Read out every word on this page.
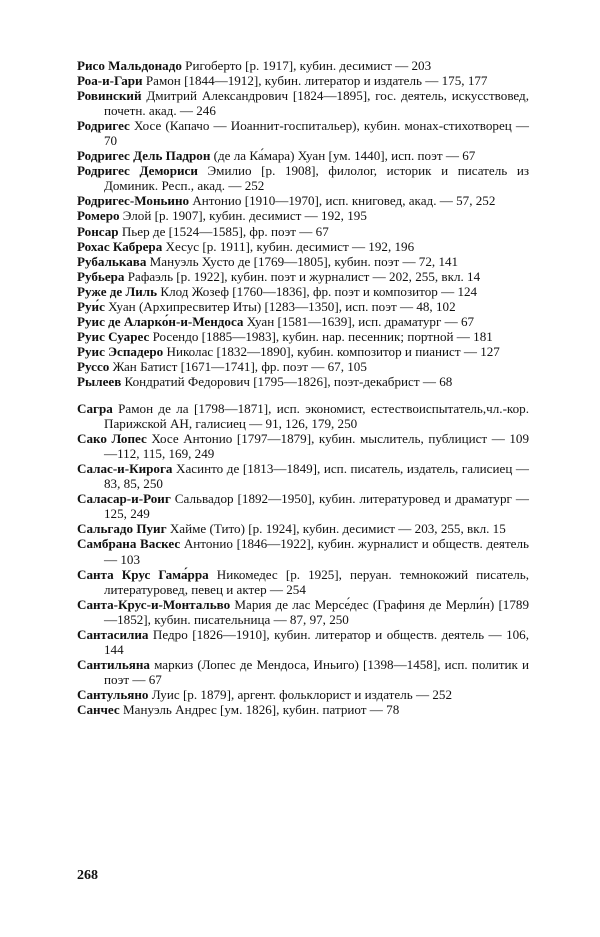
Рисо Мальдонадо Ригоберто [р. 1917], кубин. десимист — 203

Роа-и-Гари Рамон [1844—1912], кубин. литератор и издатель — 175, 177

Ровинский Дмитрий Александрович [1824—1895], гос. деятель, искусствовед, почетн. акад. — 246

Родригес Хосе (Капачо — Иоаннит-госпитальер), кубин. монах-стихотворец — 70

Родригес Дель Падрон (де ла Ка́мара) Хуан [ум. 1440], исп. поэт — 67

Родригес Демориси Эмилио [р. 1908], филолог, историк и писатель из Доминик. Респ., акад. — 252

Родригес-Моньино Антонио [1910—1970], исп. книговед, акад. — 57, 252

Ромеро Элой [р. 1907], кубин. десимист — 192, 195

Ронсар Пьер де [1524—1585], фр. поэт — 67

Рохас Кабрера Хесус [р. 1911], кубин. десимист — 192, 196

Рубалькава Мануэль Хусто де [1769—1805], кубин. поэт — 72, 141

Рубьера Рафаэль [р. 1922], кубин. поэт и журналист — 202, 255, вкл. 14

Руже де Лиль Клод Жозеф [1760—1836], фр. поэт и композитор — 124

Руи́с Хуан (Архипресвитер Иты) [1283—1350], исп. поэт — 48, 102

Руис де Аларко́н-и-Мендоса Хуан [1581—1639], исп. драматург — 67

Руис Суарес Росендо [1885—1983], кубин. нар. песенник; портной — 181

Руис Эспадеро Николас [1832—1890], кубин. композитор и пианист — 127

Руссо Жан Батист [1671—1741], фр. поэт — 67, 105

Рылеев Кондратий Федорович [1795—1826], поэт-декабрист — 68

Сагра Рамон де ла [1798—1871], исп. экономист, естествоиспытатель,чл.-кор. Парижской АН, галисиец — 91, 126, 179, 250

Сако Лопес Хосе Антонио [1797—1879], кубин. мыслитель, публицист — 109—112, 115, 169, 249

Салас-и-Кирога Хасинто де [1813—1849], исп. писатель, издатель, галисиец — 83, 85, 250

Саласар-и-Роиг Сальвадор [1892—1950], кубин. литературовед и драматург — 125, 249

Сальгадо Пуиг Хайме (Тито) [р. 1924], кубин. десимист — 203, 255, вкл. 15

Самбрана Васкес Антонио [1846—1922], кубин. журналист и обществ. деятель — 103

Санта Крус Гама́рра Никомедес [р. 1925], перуан. темнокожий писатель, литературовед, певец и актер — 254

Санта-Крус-и-Монтальво Мария де лас Мерсе́дес (Графиня де Мерли́н) [1789—1852], кубин. писательница — 87, 97, 250

Сантасилиа Педро [1826—1910], кубин. литератор и обществ. деятель — 106, 144

Сантильяна маркиз (Лопес де Мендоса, Иньиго) [1398—1458], исп. политик и поэт — 67

Сантульяно Луис [р. 1879], аргент. фольклорист и издатель — 252

Санчес Мануэль Андрес [ум. 1826], кубин. патриот — 78

268
